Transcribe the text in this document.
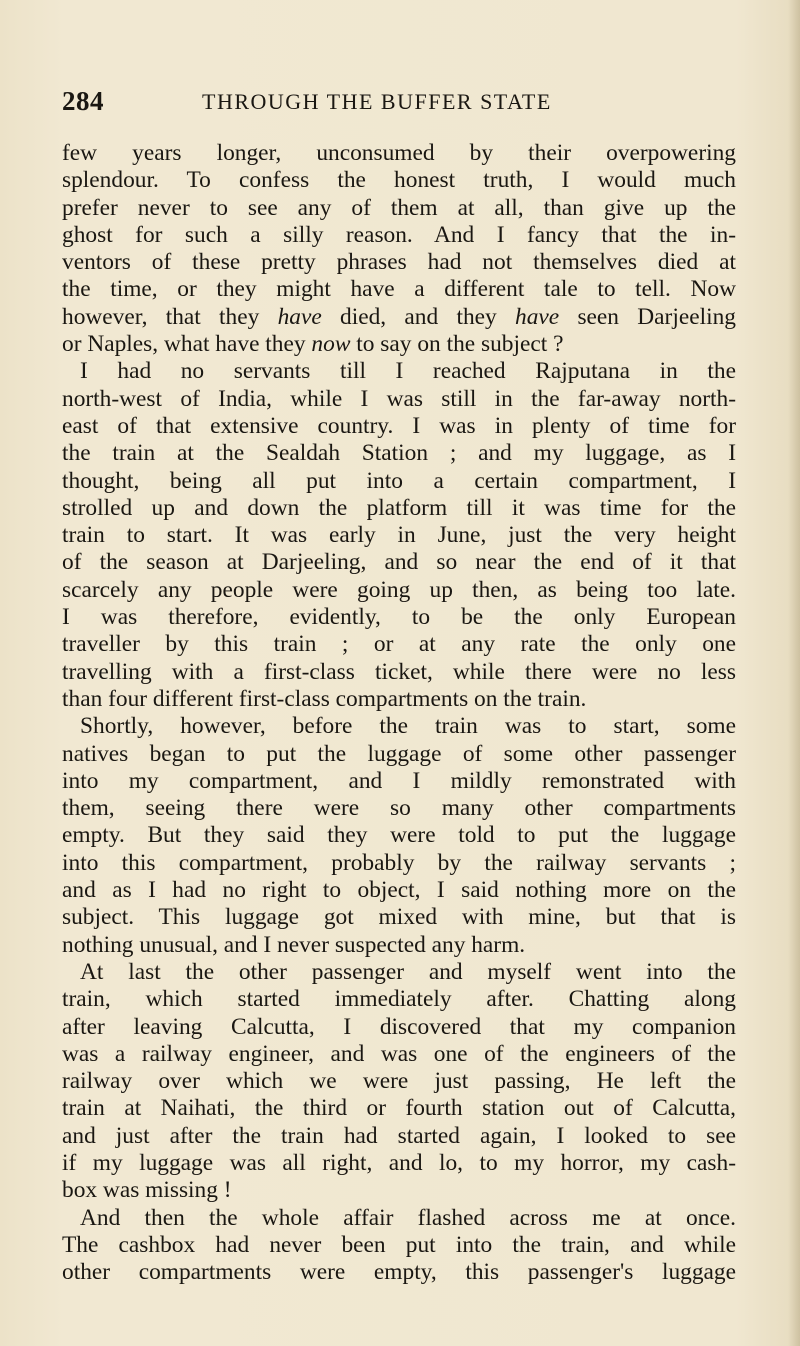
284	THROUGH THE BUFFER STATE
few years longer, unconsumed by their overpowering
splendour. To confess the honest truth, I would much
prefer never to see any of them at all, than give up the
ghost for such a silly reason. And I fancy that the in-
ventors of these pretty phrases had not themselves died at
the time, or they might have a different tale to tell. Now
however, that they have died, and they have seen Darjeeling
or Naples, what have they now to say on the subject ?
I had no servants till I reached Rajputana in the
north-west of India, while I was still in the far-away north-
east of that extensive country. I was in plenty of time for
the train at the Sealdah Station ; and my luggage, as I
thought, being all put into a certain compartment, I
strolled up and down the platform till it was time for the
train to start. It was early in June, just the very height
of the season at Darjeeling, and so near the end of it that
scarcely any people were going up then, as being too late.
I was therefore, evidently, to be the only European
traveller by this train ; or at any rate the only one
travelling with a first-class ticket, while there were no less
than four different first-class compartments on the train.
Shortly, however, before the train was to start, some
natives began to put the luggage of some other passenger
into my compartment, and I mildly remonstrated with
them, seeing there were so many other compartments
empty. But they said they were told to put the luggage
into this compartment, probably by the railway servants ;
and as I had no right to object, I said nothing more on the
subject. This luggage got mixed with mine, but that is
nothing unusual, and I never suspected any harm.
At last the other passenger and myself went into the
train, which started immediately after. Chatting along
after leaving Calcutta, I discovered that my companion
was a railway engineer, and was one of the engineers of the
railway over which we were just passing, He left the
train at Naihati, the third or fourth station out of Calcutta,
and just after the train had started again, I looked to see
if my luggage was all right, and lo, to my horror, my cash-
box was missing !
And then the whole affair flashed across me at once.
The cashbox had never been put into the train, and while
other compartments were empty, this passenger's luggage
